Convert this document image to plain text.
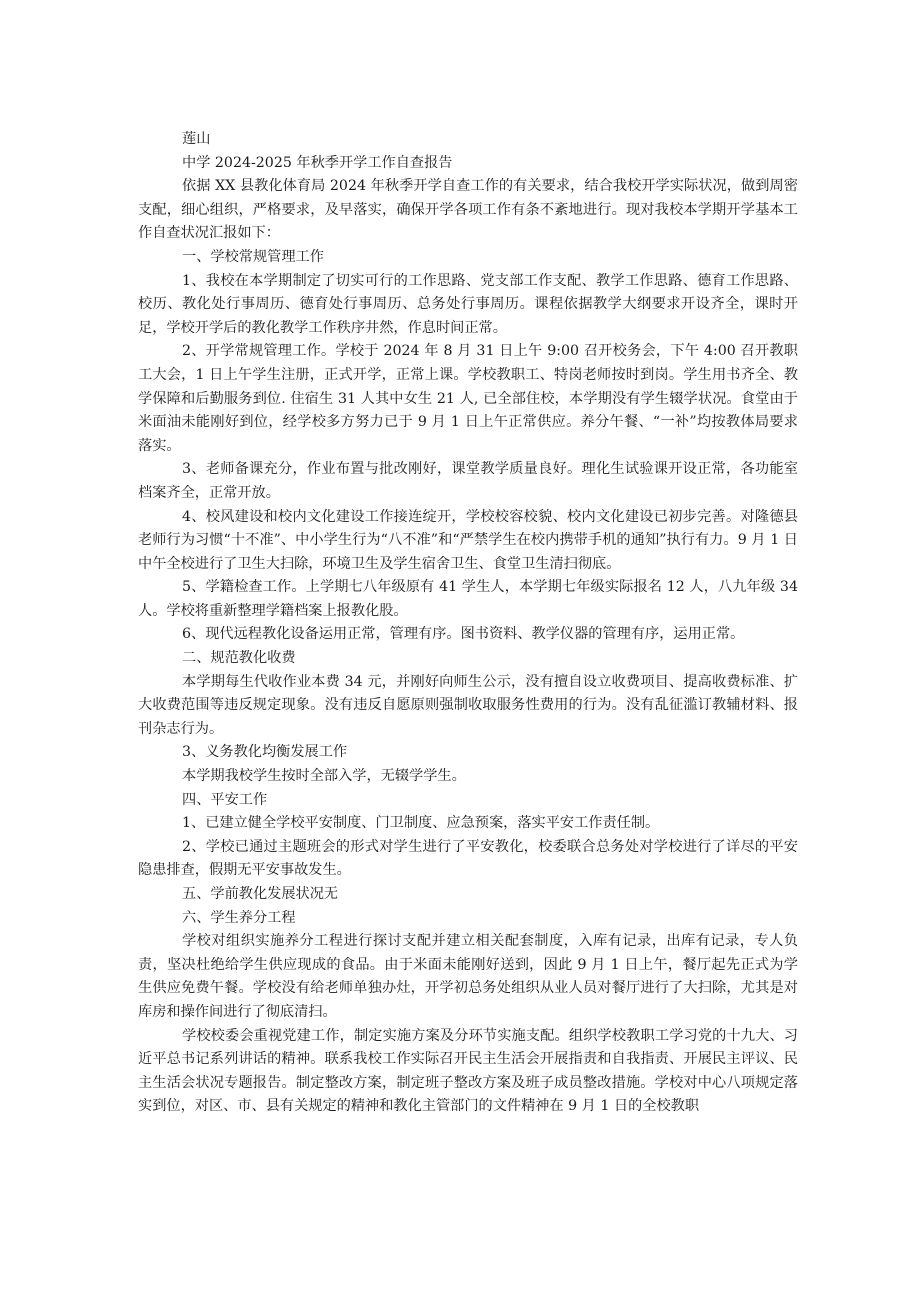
莲山

中学 2024-2025 年秋季开学工作自查报告

依据 XX 县教化体育局 2024 年秋季开学自查工作的有关要求，结合我校开学实际状况，做到周密支配，细心组织，严格要求，及早落实，确保开学各项工作有条不紊地进行。现对我校本学期开学基本工作自查状况汇报如下：

一、学校常规管理工作

1、我校在本学期制定了切实可行的工作思路、党支部工作支配、教学工作思路、德育工作思路、校历、教化处行事周历、德育处行事周历、总务处行事周历。课程依据教学大纲要求开设齐全，课时开足，学校开学后的教化教学工作秩序井然，作息时间正常。

2、开学常规管理工作。学校于 2024 年 8 月 31 日上午 9:00 召开校务会，下午 4:00 召开教职工大会，1 日上午学生注册，正式开学，正常上课。学校教职工、特岗老师按时到岗。学生用书齐全、教学保障和后勤服务到位. 住宿生 31 人其中女生 21 人, 已全部住校，本学期没有学生辍学状况。食堂由于米面油未能刚好到位，经学校多方努力已于 9 月 1 日上午正常供应。养分午餐、“一补”均按教体局要求落实。

3、老师备课充分，作业布置与批改刚好，课堂教学质量良好。理化生试验课开设正常，各功能室档案齐全，正常开放。

4、校风建设和校内文化建设工作接连绽开，学校校容校貌、校内文化建设已初步完善。对隆德县老师行为习惯“十不准”、中小学生行为“八不准”和“严禁学生在校内携带手机的通知”执行有力。9 月 1 日中午全校进行了卫生大扫除，环境卫生及学生宿舍卫生、食堂卫生清扫彻底。

5、学籍检查工作。上学期七八年级原有 41 学生人，本学期七年级实际报名 12 人，八九年级 34 人。学校将重新整理学籍档案上报教化股。

6、现代远程教化设备运用正常，管理有序。图书资料、教学仪器的管理有序，运用正常。

二、规范教化收费

本学期每生代收作业本费 34 元，并刚好向师生公示，没有擅自设立收费项目、提高收费标准、扩大收费范围等违反规定现象。没有违反自愿原则强制收取服务性费用的行为。没有乱征滥订教辅材料、报刊杂志行为。

3、义务教化均衡发展工作

本学期我校学生按时全部入学，无辍学学生。

四、平安工作

1、已建立健全学校平安制度、门卫制度、应急预案，落实平安工作责任制。

2、学校已通过主题班会的形式对学生进行了平安教化，校委联合总务处对学校进行了详尽的平安隐患排查，假期无平安事故发生。

五、学前教化发展状况无

六、学生养分工程

学校对组织实施养分工程进行探讨支配并建立相关配套制度，入库有记录，出库有记录，专人负责，坚决杜绝给学生供应现成的食品。由于米面未能刚好送到，因此 9 月 1 日上午，餐厅起先正式为学生供应免费午餐。学校没有给老师单独办灶，开学初总务处组织从业人员对餐厅进行了大扫除，尤其是对库房和操作间进行了彻底清扫。

学校校委会重视党建工作，制定实施方案及分环节实施支配。组织学校教职工学习党的十九大、习近平总书记系列讲话的精神。联系我校工作实际召开民主生活会开展指责和自我指责、开展民主评议、民主生活会状况专题报告。制定整改方案，制定班子整改方案及班子成员整改措施。学校对中心八项规定落实到位，对区、市、县有关规定的精神和教化主管部门的文件精神在 9 月 1 日的全校教职
